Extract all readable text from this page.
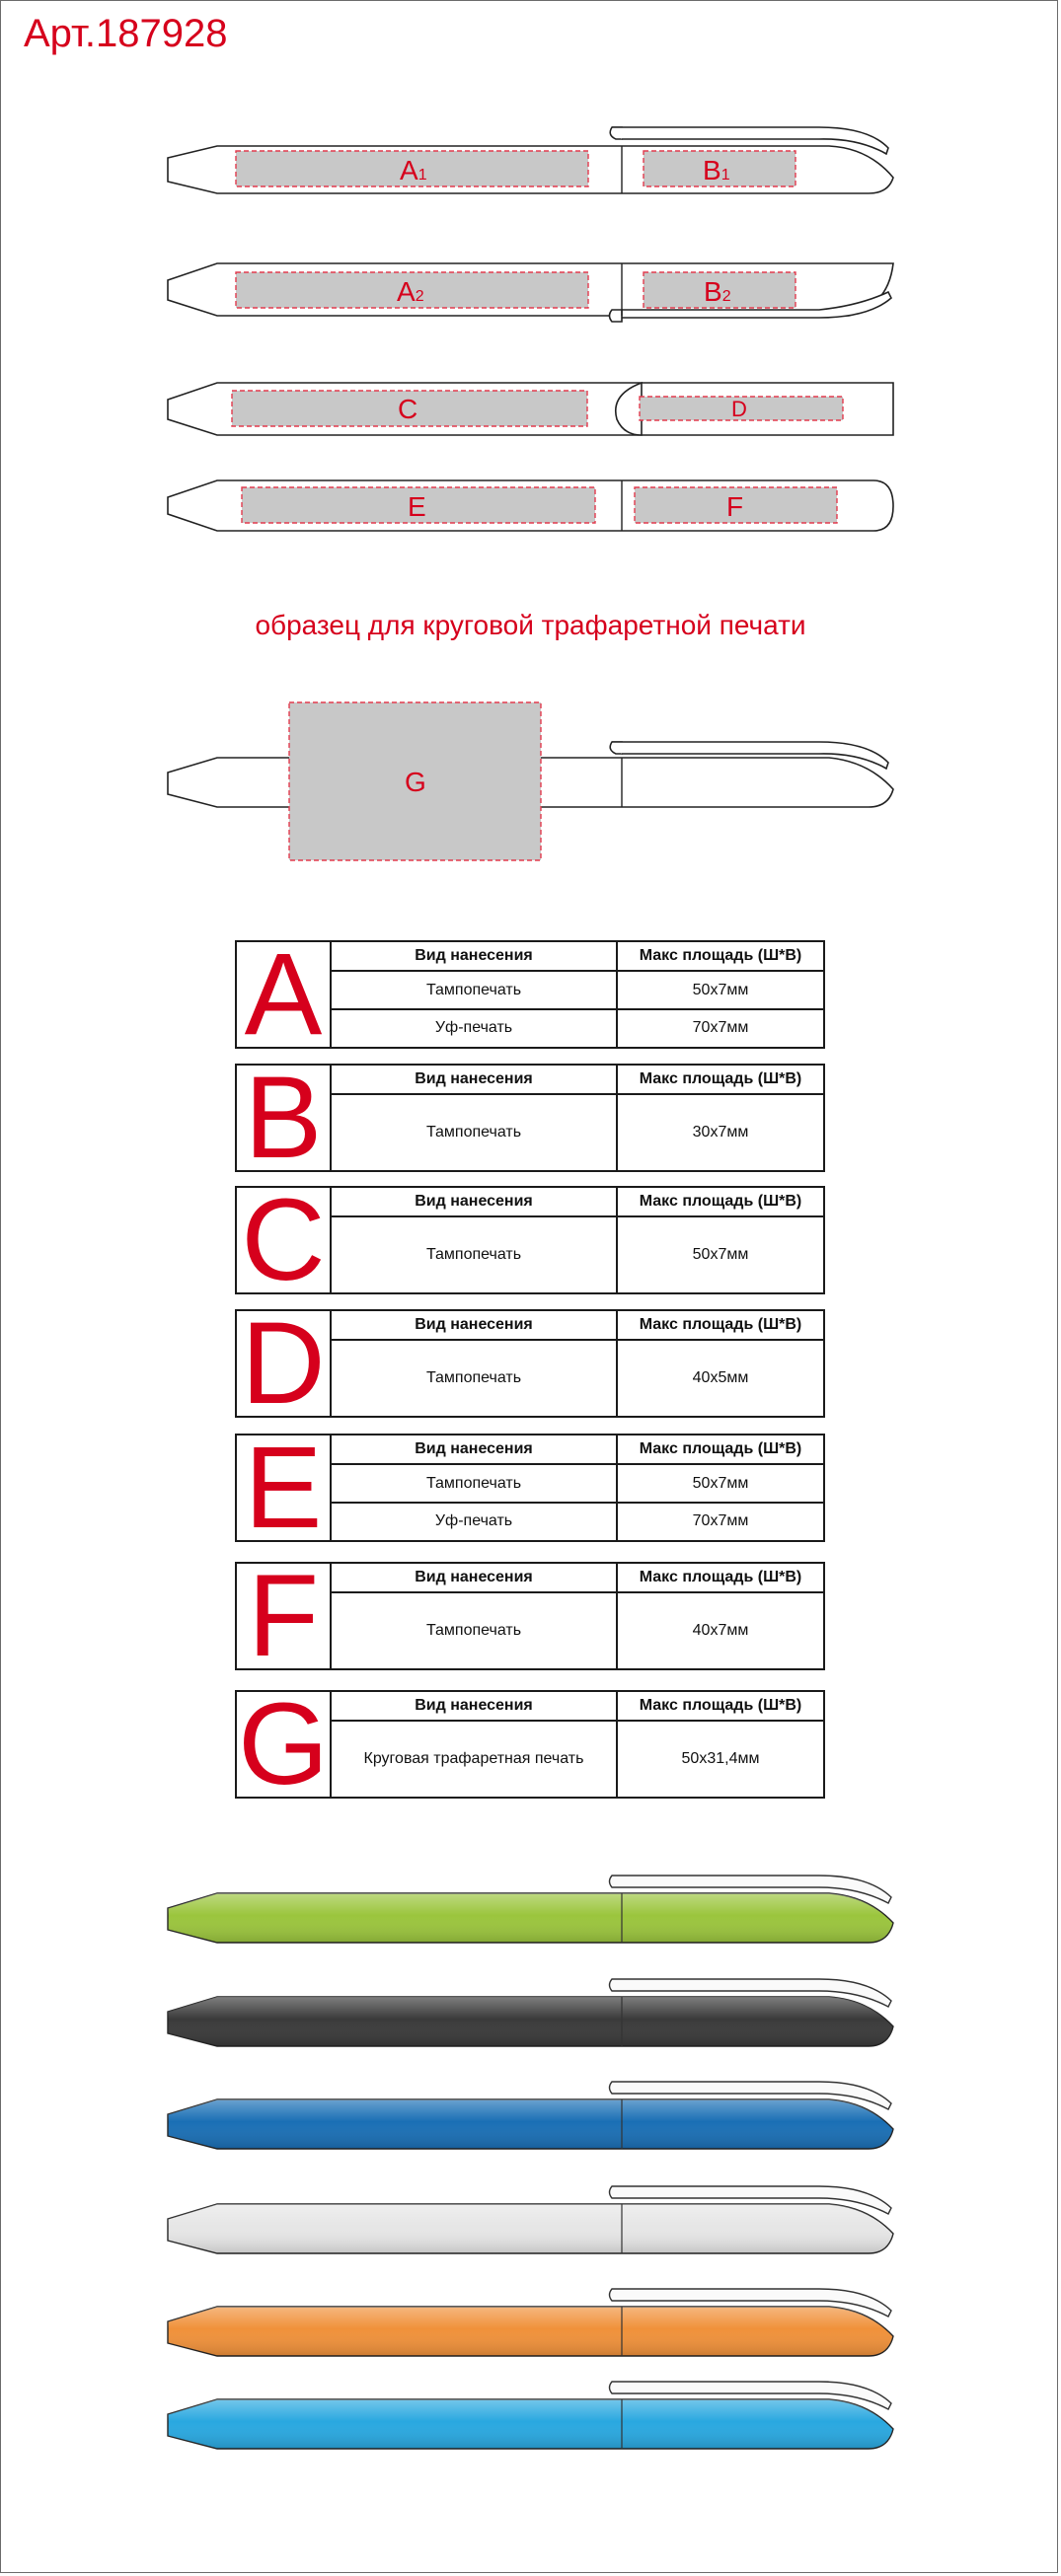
Арт.187928
A1	B1
A2	B2
C	D
E	F
G
образец для круговой трафаретной печати
A	Вид нанесения	Макс площадь (Ш*В)
Тампопечать	50x7мм
Уф-печать	70x7мм
B	Вид нанесения	Макс площадь (Ш*В)
Тампопечать	30x7мм
C	Вид нанесения	Макс площадь (Ш*В)
Тампопечать	50x7мм
D	Вид нанесения	Макс площадь (Ш*В)
Тампопечать	40x5мм
E	Вид нанесения	Макс площадь (Ш*В)
Тампопечать	50x7мм
Уф-печать	70x7мм
F	Вид нанесения	Макс площадь (Ш*В)
Тампопечать	40x7мм
G	Вид нанесения	Макс площадь (Ш*В)
Круговая трафаретная печать	50x31,4мм
